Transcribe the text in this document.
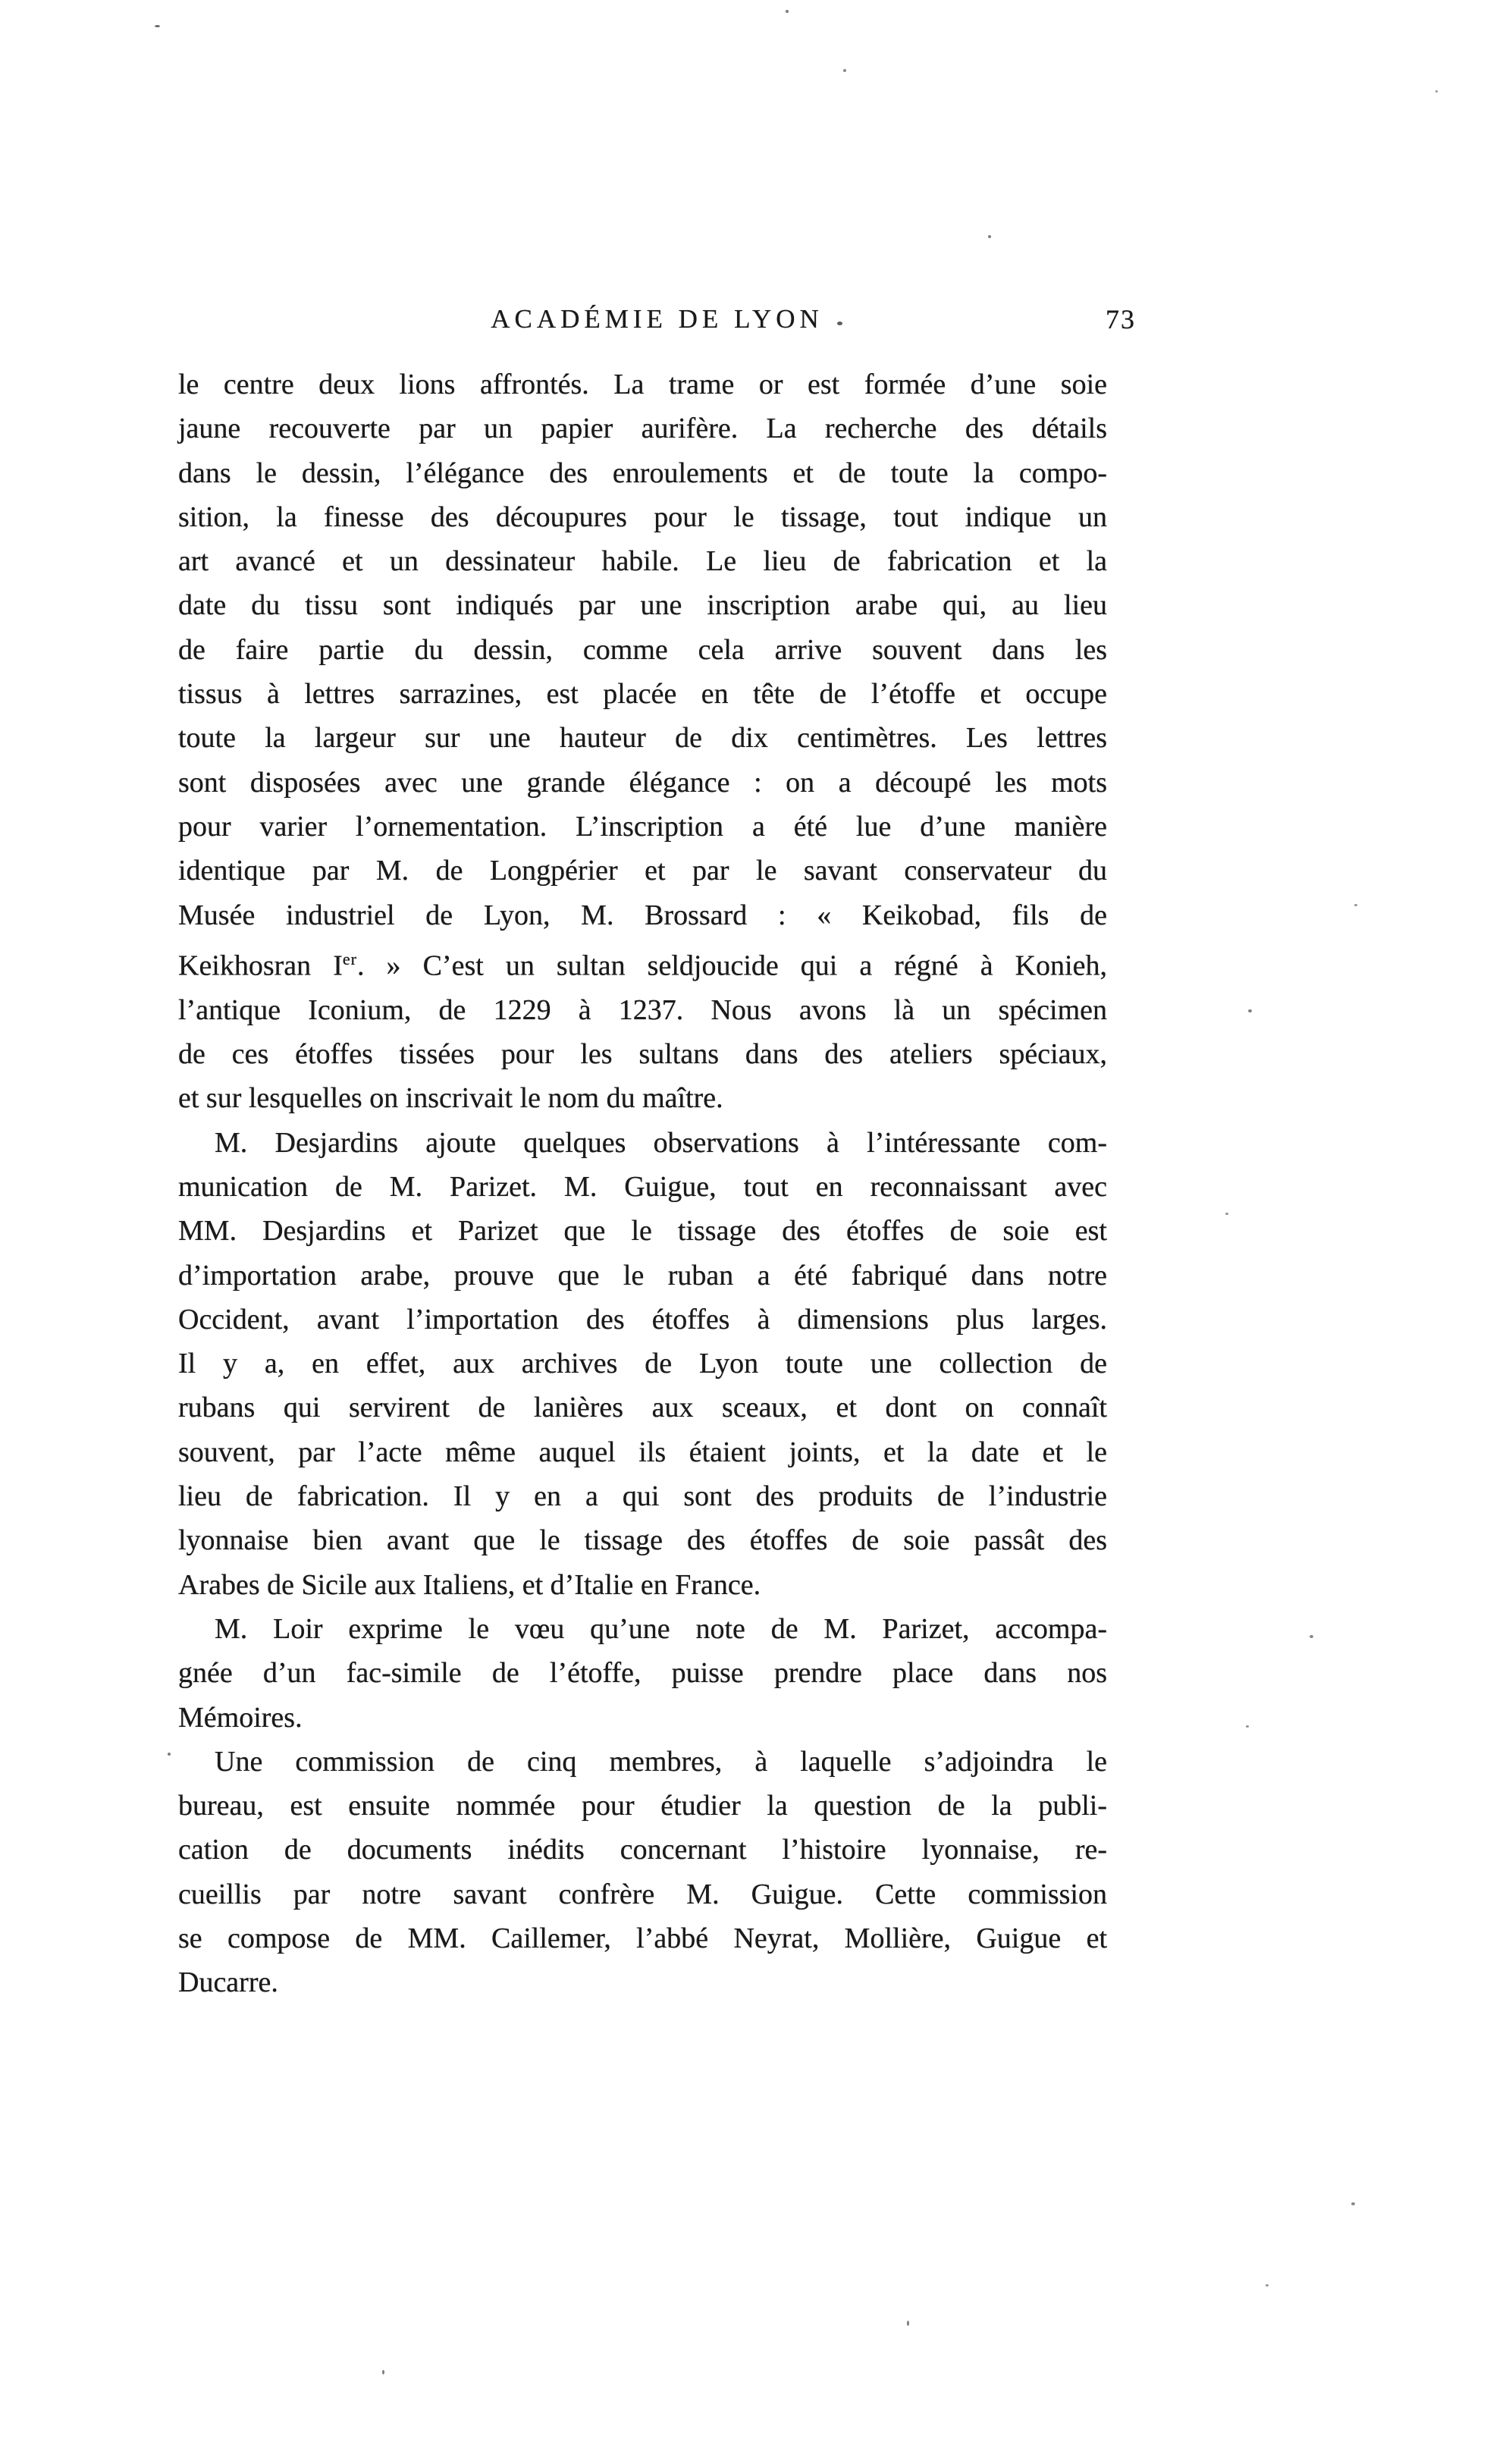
ACADÉMIE DE LYON	73
le centre deux lions affrontés. La trame or est formée d’une soie
jaune recouverte par un papier aurifère. La recherche des détails
dans le dessin, l’élégance des enroulements et de toute la compo-
sition, la finesse des découpures pour le tissage, tout indique un
art avancé et un dessinateur habile. Le lieu de fabrication et la
date du tissu sont indiqués par une inscription arabe qui, au lieu
de faire partie du dessin, comme cela arrive souvent dans les
tissus à lettres sarrazines, est placée en tête de l’étoffe et occupe
toute la largeur sur une hauteur de dix centimètres. Les lettres
sont disposées avec une grande élégance : on a découpé les mots
pour varier l’ornementation. L’inscription a été lue d’une manière
identique par M. de Longpérier et par le savant conservateur du
Musée industriel de Lyon, M. Brossard : « Keikobad, fils de
Keikhosran Ier. » C’est un sultan seldjoucide qui a régné à Konieh,
l’antique Iconium, de 1229 à 1237. Nous avons là un spécimen
de ces étoffes tissées pour les sultans dans des ateliers spéciaux,
et sur lesquelles on inscrivait le nom du maître.
M. Desjardins ajoute quelques observations à l’intéressante com-
munication de M. Parizet. M. Guigue, tout en reconnaissant avec
MM. Desjardins et Parizet que le tissage des étoffes de soie est
d’importation arabe, prouve que le ruban a été fabriqué dans notre
Occident, avant l’importation des étoffes à dimensions plus larges.
Il y a, en effet, aux archives de Lyon toute une collection de
rubans qui servirent de lanières aux sceaux, et dont on connaît
souvent, par l’acte même auquel ils étaient joints, et la date et le
lieu de fabrication. Il y en a qui sont des produits de l’industrie
lyonnaise bien avant que le tissage des étoffes de soie passât des
Arabes de Sicile aux Italiens, et d’Italie en France.
M. Loir exprime le vœu qu’une note de M. Parizet, accompa-
gnée d’un fac-simile de l’étoffe, puisse prendre place dans nos
Mémoires.
Une commission de cinq membres, à laquelle s’adjoindra le
bureau, est ensuite nommée pour étudier la question de la publi-
cation de documents inédits concernant l’histoire lyonnaise, re-
cueillis par notre savant confrère M. Guigue. Cette commission
se compose de MM. Caillemer, l’abbé Neyrat, Mollière, Guigue et
Ducarre.
